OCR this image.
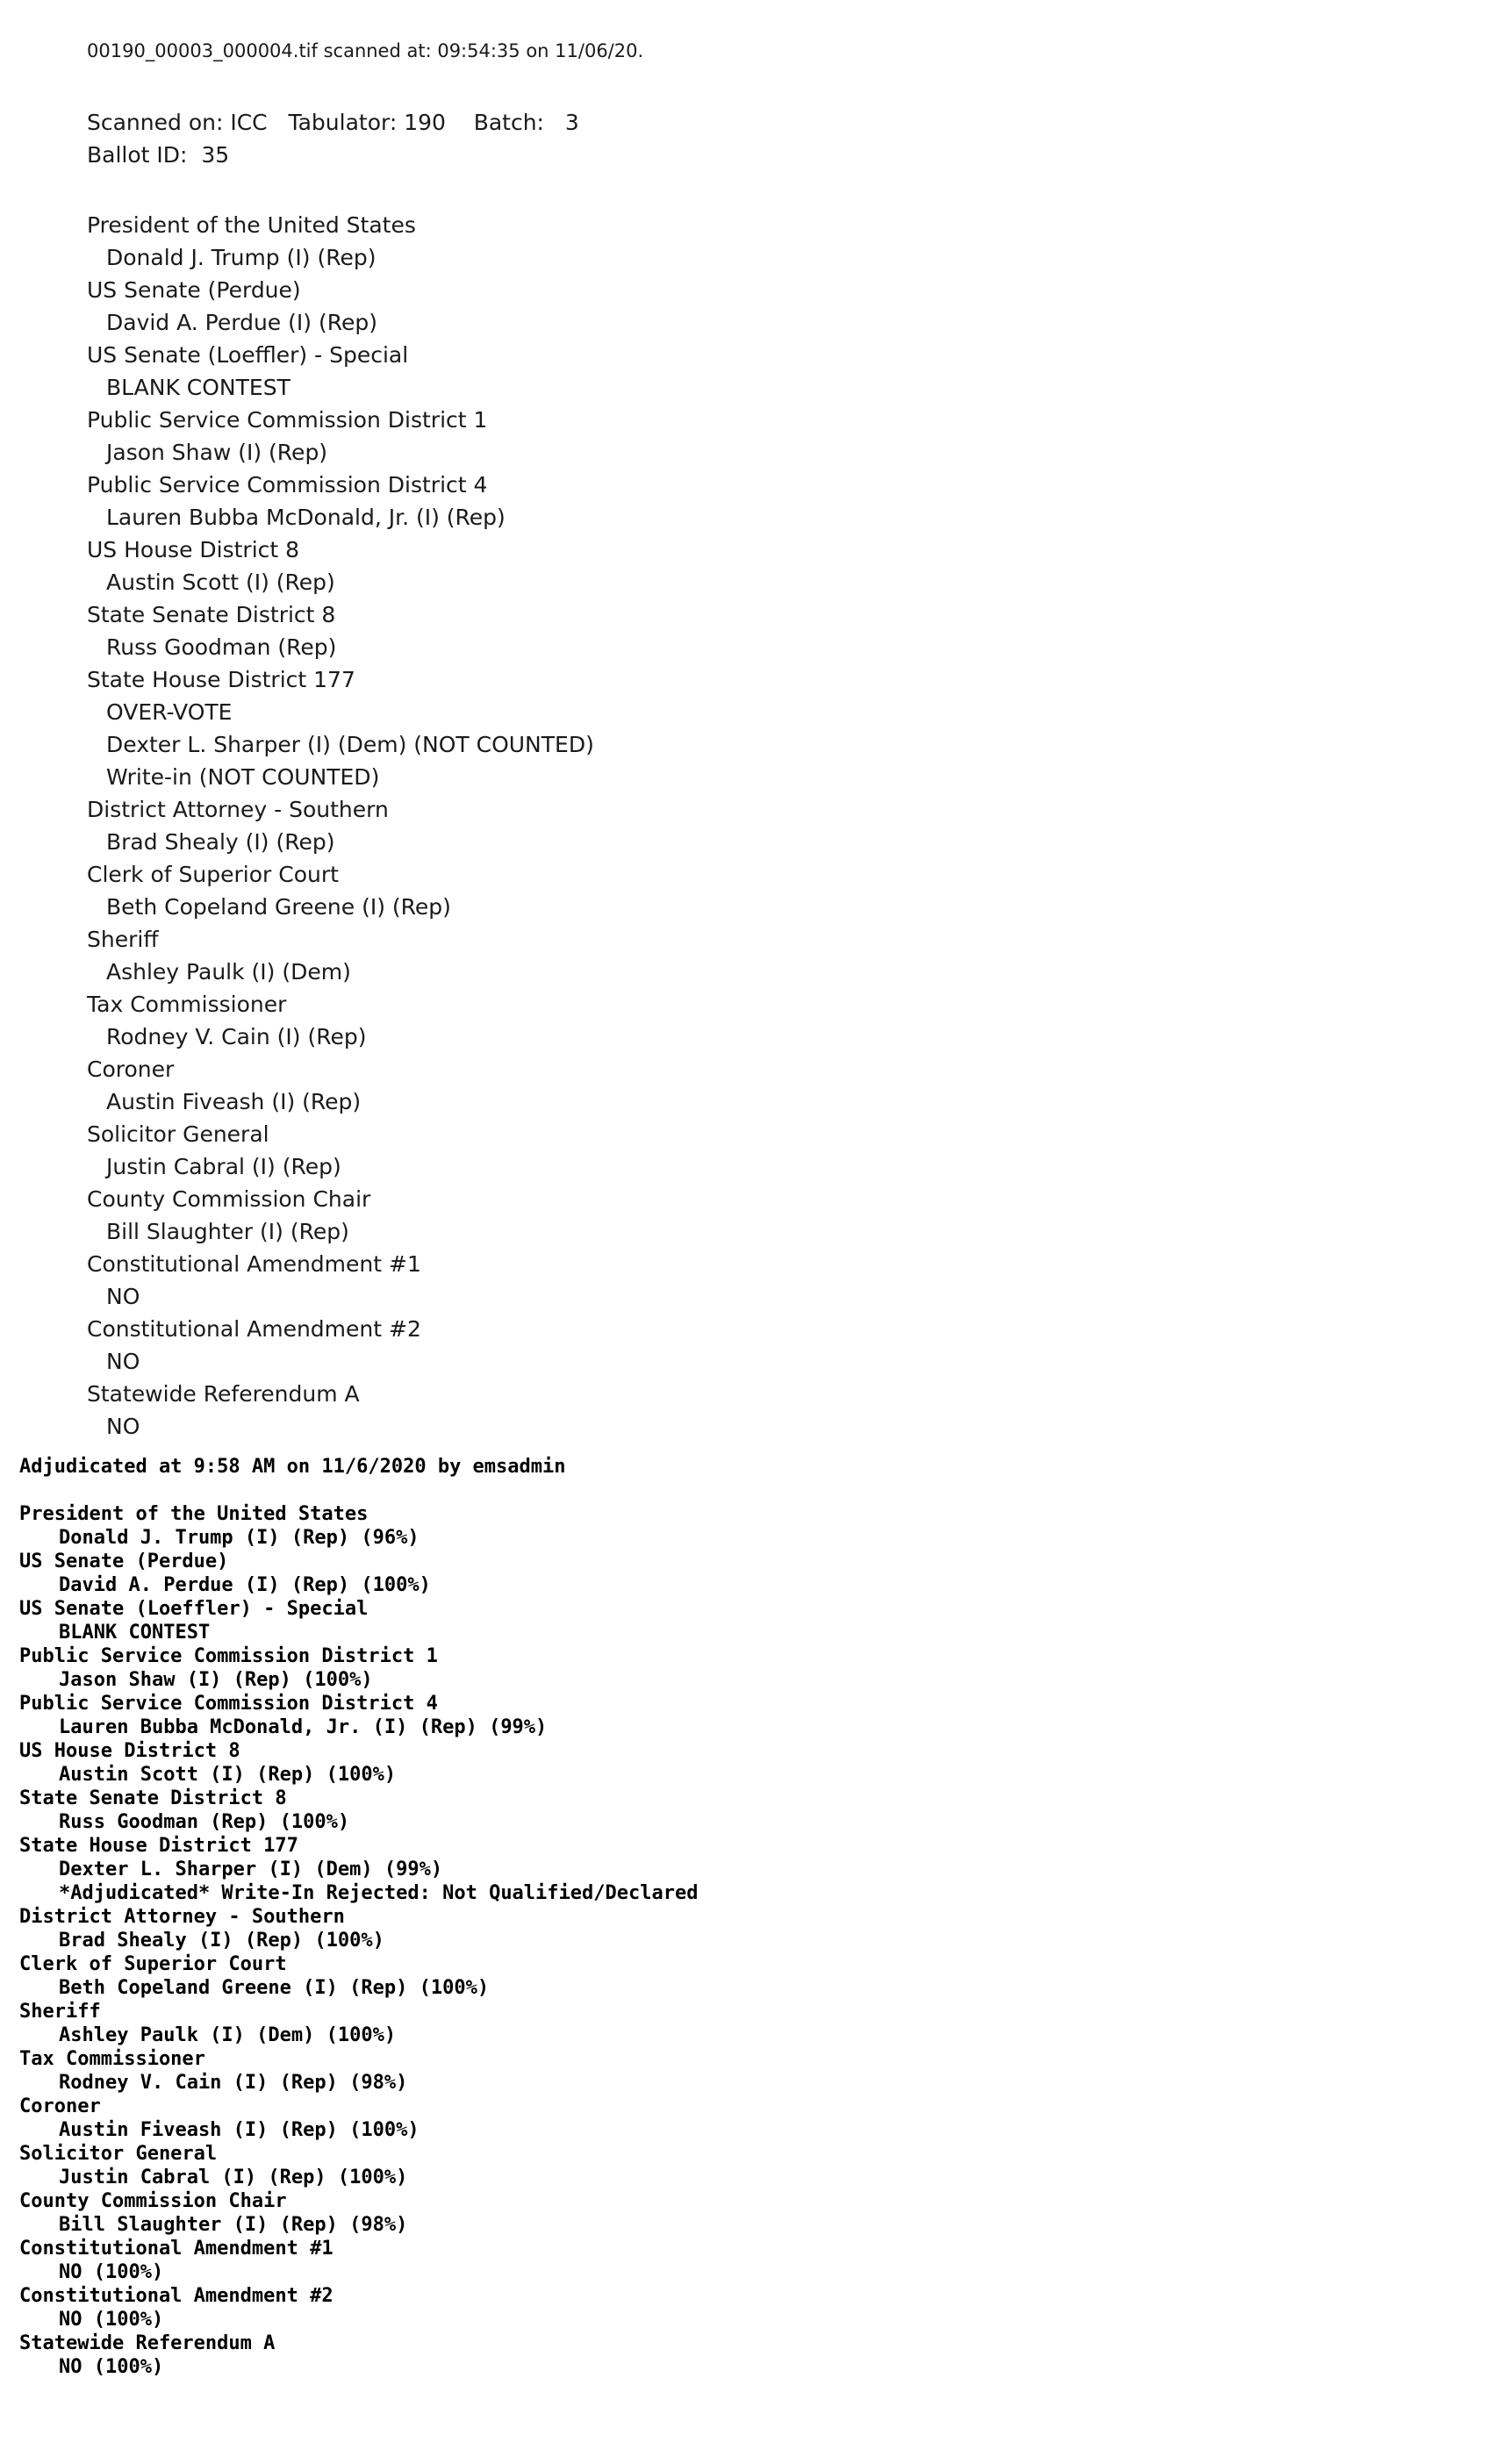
00190_00003_000004.tif scanned at: 09:54:35 on 11/06/20.
Scanned on: ICC   Tabulator: 190    Batch:   3
Ballot ID:  35
President of the United States
Donald J. Trump (I) (Rep)
US Senate (Perdue)
David A. Perdue (I) (Rep)
US Senate (Loeffler) - Special
BLANK CONTEST
Public Service Commission District 1
Jason Shaw (I) (Rep)
Public Service Commission District 4
Lauren Bubba McDonald, Jr. (I) (Rep)
US House District 8
Austin Scott (I) (Rep)
State Senate District 8
Russ Goodman (Rep)
State House District 177
OVER-VOTE
Dexter L. Sharper (I) (Dem) (NOT COUNTED)
Write-in (NOT COUNTED)
District Attorney - Southern
Brad Shealy (I) (Rep)
Clerk of Superior Court
Beth Copeland Greene (I) (Rep)
Sheriff
Ashley Paulk (I) (Dem)
Tax Commissioner
Rodney V. Cain (I) (Rep)
Coroner
Austin Fiveash (I) (Rep)
Solicitor General
Justin Cabral (I) (Rep)
County Commission Chair
Bill Slaughter (I) (Rep)
Constitutional Amendment #1
NO
Constitutional Amendment #2
NO
Statewide Referendum A
NO
Adjudicated at 9:58 AM on 11/6/2020 by emsadmin
President of the United States
Donald J. Trump (I) (Rep) (96%)
US Senate (Perdue)
David A. Perdue (I) (Rep) (100%)
US Senate (Loeffler) - Special
BLANK CONTEST
Public Service Commission District 1
Jason Shaw (I) (Rep) (100%)
Public Service Commission District 4
Lauren Bubba McDonald, Jr. (I) (Rep) (99%)
US House District 8
Austin Scott (I) (Rep) (100%)
State Senate District 8
Russ Goodman (Rep) (100%)
State House District 177
Dexter L. Sharper (I) (Dem) (99%)
*Adjudicated* Write-In Rejected: Not Qualified/Declared
District Attorney - Southern
Brad Shealy (I) (Rep) (100%)
Clerk of Superior Court
Beth Copeland Greene (I) (Rep) (100%)
Sheriff
Ashley Paulk (I) (Dem) (100%)
Tax Commissioner
Rodney V. Cain (I) (Rep) (98%)
Coroner
Austin Fiveash (I) (Rep) (100%)
Solicitor General
Justin Cabral (I) (Rep) (100%)
County Commission Chair
Bill Slaughter (I) (Rep) (98%)
Constitutional Amendment #1
NO (100%)
Constitutional Amendment #2
NO (100%)
Statewide Referendum A
NO (100%)
